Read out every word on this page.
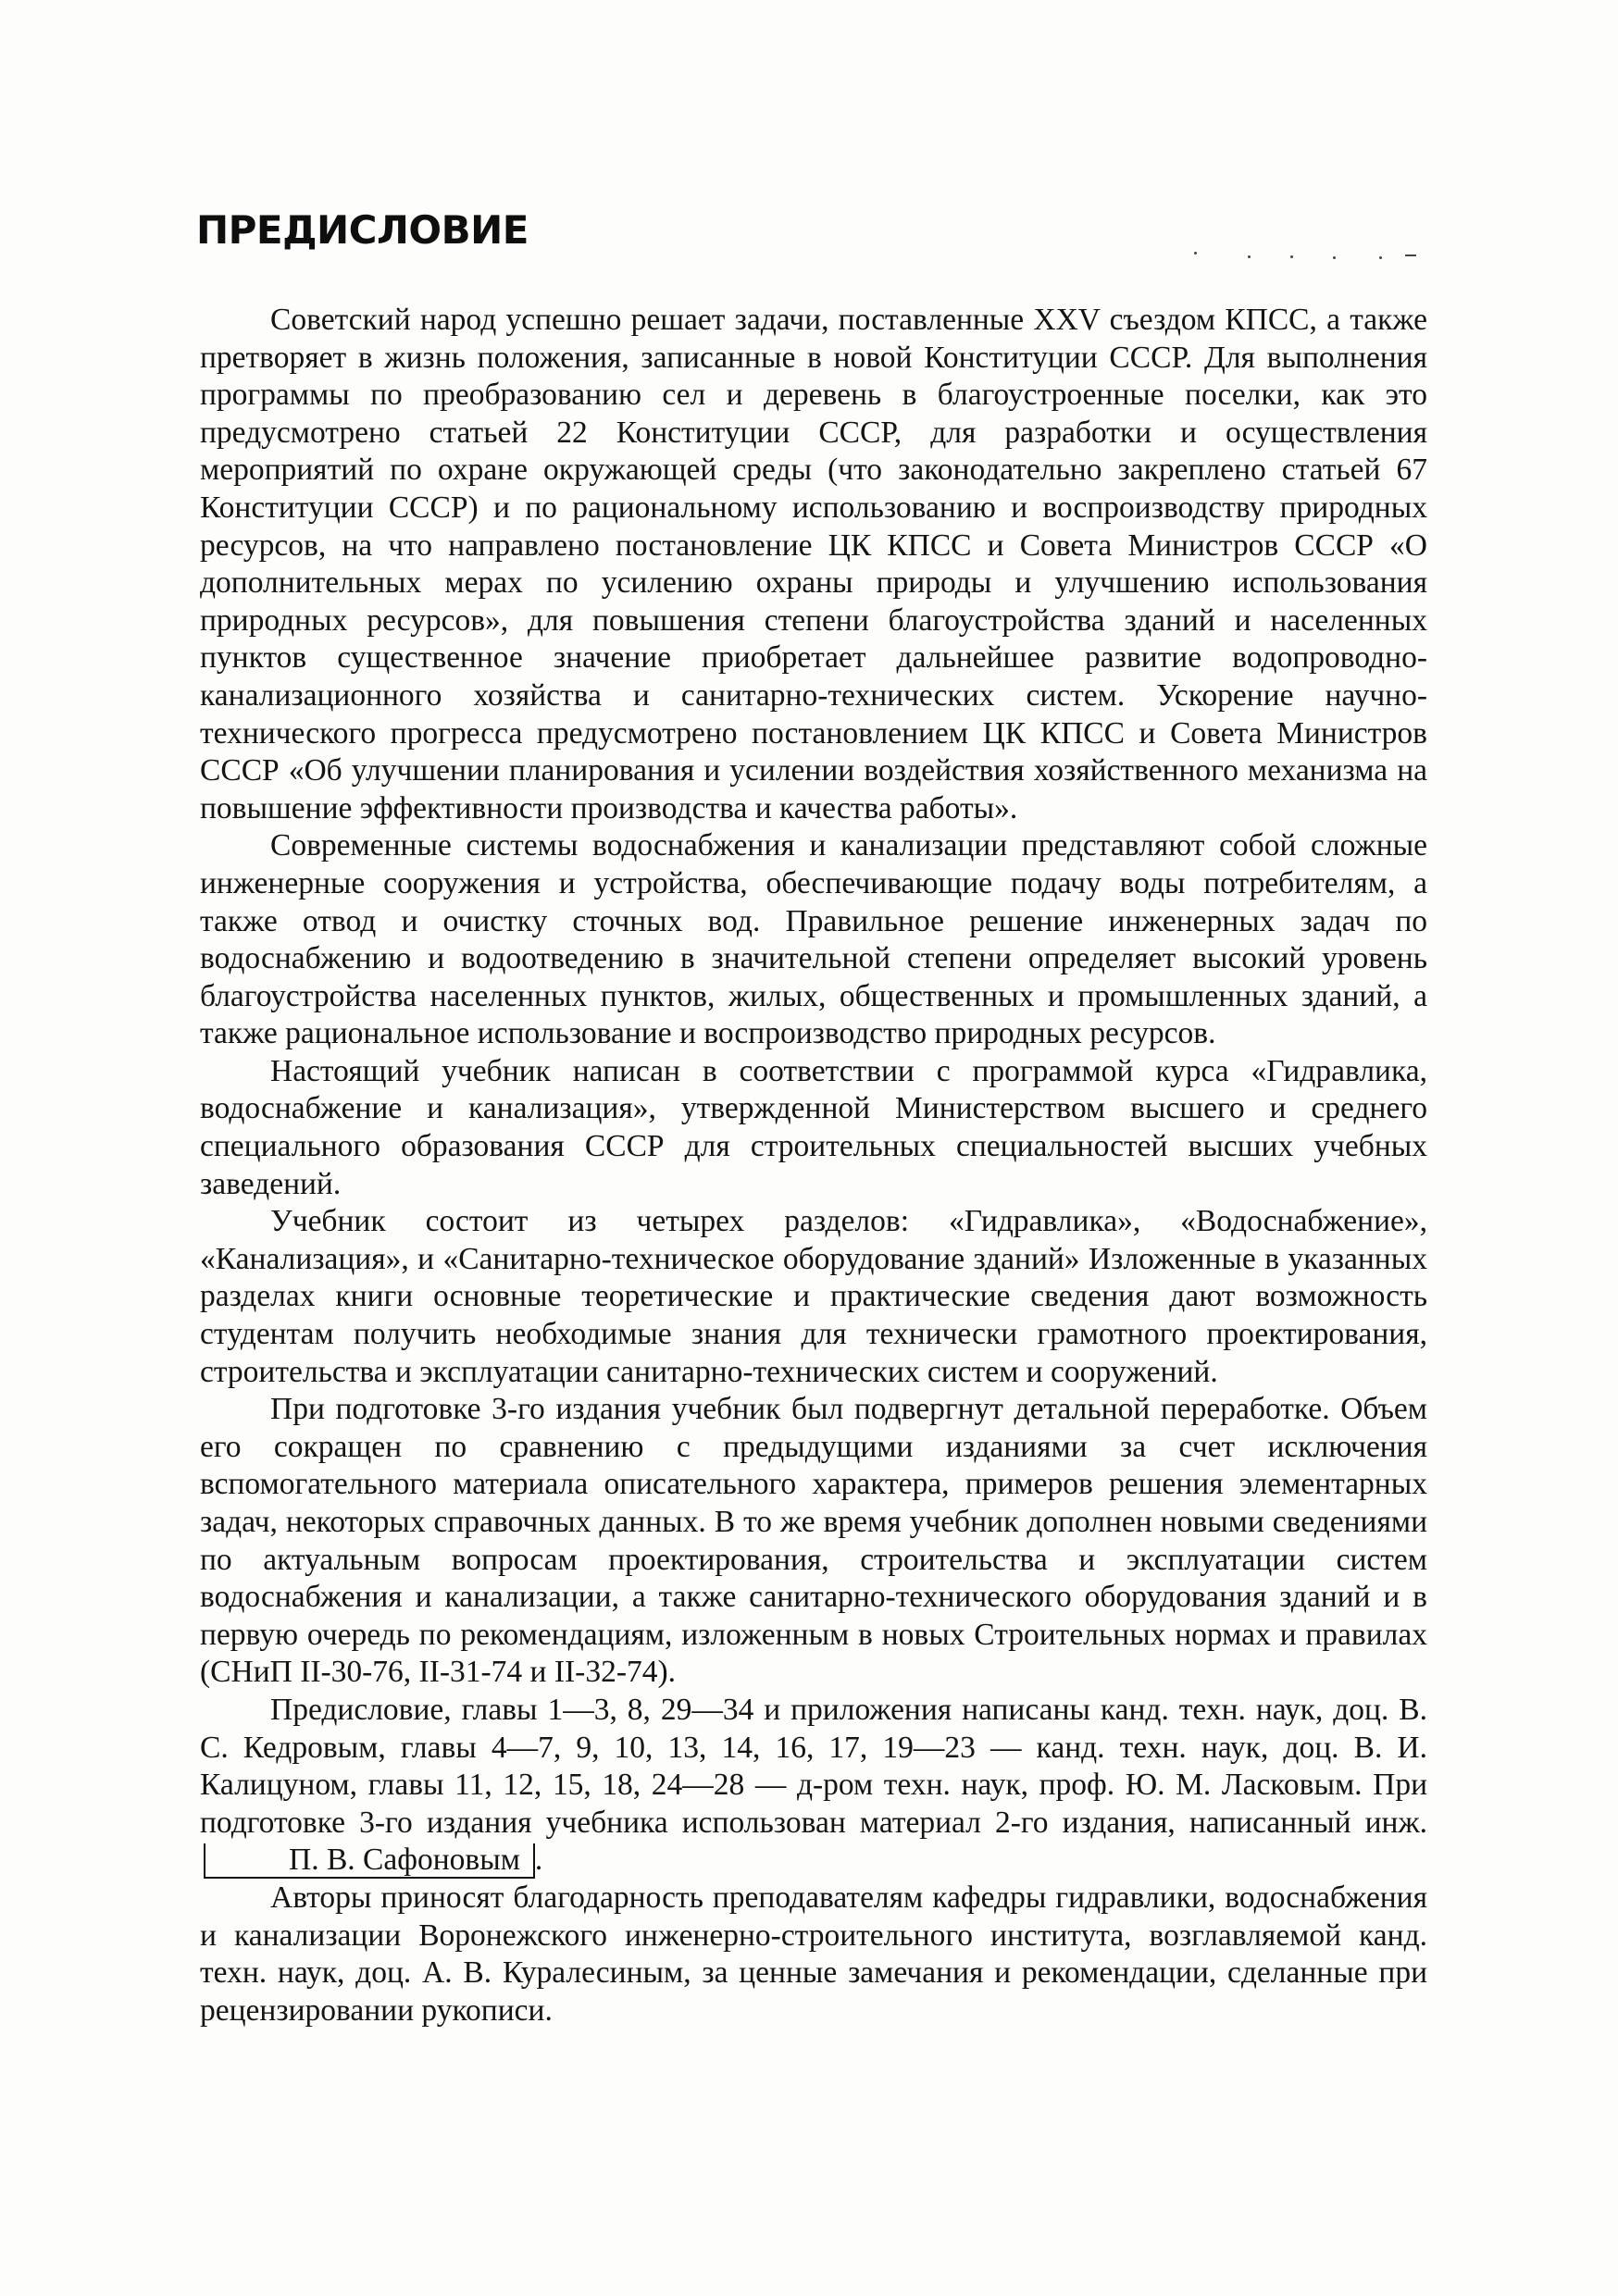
ПРЕДИСЛОВИЕ

Советский народ успешно решает задачи, поставленные XXV съездом КПСС, а также претворяет в жизнь положения, записанные в новой Конституции СССР. Для выполнения программы по преобразованию сел и деревень в благоустроенные поселки, как это предусмотрено статьей 22 Конституции СССР, для разработки и осуществления мероприятий по охране окружающей среды (что законодательно закреплено статьей 67 Конституции СССР) и по рациональному использованию и воспроизводству природных ресурсов, на что направлено постановление ЦК КПСС и Совета Министров СССР «О дополнительных мерах по усилению охраны природы и улучшению использования природных ресурсов», для повышения степени благоустройства зданий и населенных пунктов существенное значение приобретает дальнейшее развитие водопроводно-канализационного хозяйства и санитарно-технических систем. Ускорение научно-технического прогресса предусмотрено постановлением ЦК КПСС и Совета Министров СССР «Об улучшении планирования и усилении воздействия хозяйственного механизма на повышение эффективности производства и качества работы».

Современные системы водоснабжения и канализации представляют собой сложные инженерные сооружения и устройства, обеспечивающие подачу воды потребителям, а также отвод и очистку сточных вод. Правильное решение инженерных задач по водоснабжению и водоотведению в значительной степени определяет высокий уровень благоустройства населенных пунктов, жилых, общественных и промышленных зданий, а также рациональное использование и воспроизводство природных ресурсов.

Настоящий учебник написан в соответствии с программой курса «Гидравлика, водоснабжение и канализация», утвержденной Министерством высшего и среднего специального образования СССР для строительных специальностей высших учебных заведений.

Учебник состоит из четырех разделов: «Гидравлика», «Водоснабжение», «Канализация», и «Санитарно-техническое оборудование зданий» Изложенные в указанных разделах книги основные теоретические и практические сведения дают возможность студентам получить необходимые знания для технически грамотного проектирования, строительства и эксплуатации санитарно-технических систем и сооружений.

При подготовке 3-го издания учебник был подвергнут детальной переработке. Объем его сокращен по сравнению с предыдущими изданиями за счет исключения вспомогательного материала описательного характера, примеров решения элементарных задач, некоторых справочных данных. В то же время учебник дополнен новыми сведениями по актуальным вопросам проектирования, строительства и эксплуатации систем водоснабжения и канализации, а также санитарно-технического оборудования зданий и в первую очередь по рекомендациям, изложенным в новых Строительных нормах и правилах (СНиП II-30-76, II-31-74 и II-32-74).

Предисловие, главы 1—3, 8, 29—34 и приложения написаны канд. техн. наук, доц. В. С. Кедровым, главы 4—7, 9, 10, 13, 14, 16, 17, 19—23 — канд. техн. наук, доц. В. И. Калицуном, главы 11, 12, 15, 18, 24—28 — д-ром техн. наук, проф. Ю. М. Ласковым. При подготовке 3-го издания учебника использован материал 2-го издания, написанный инж. П. В. Сафоновым .

Авторы приносят благодарность преподавателям кафедры гидравлики, водоснабжения и канализации Воронежского инженерно-строительного института, возглавляемой канд. техн. наук, доц. А. В. Куралесиным, за ценные замечания и рекомендации, сделанные при рецензировании рукописи.
